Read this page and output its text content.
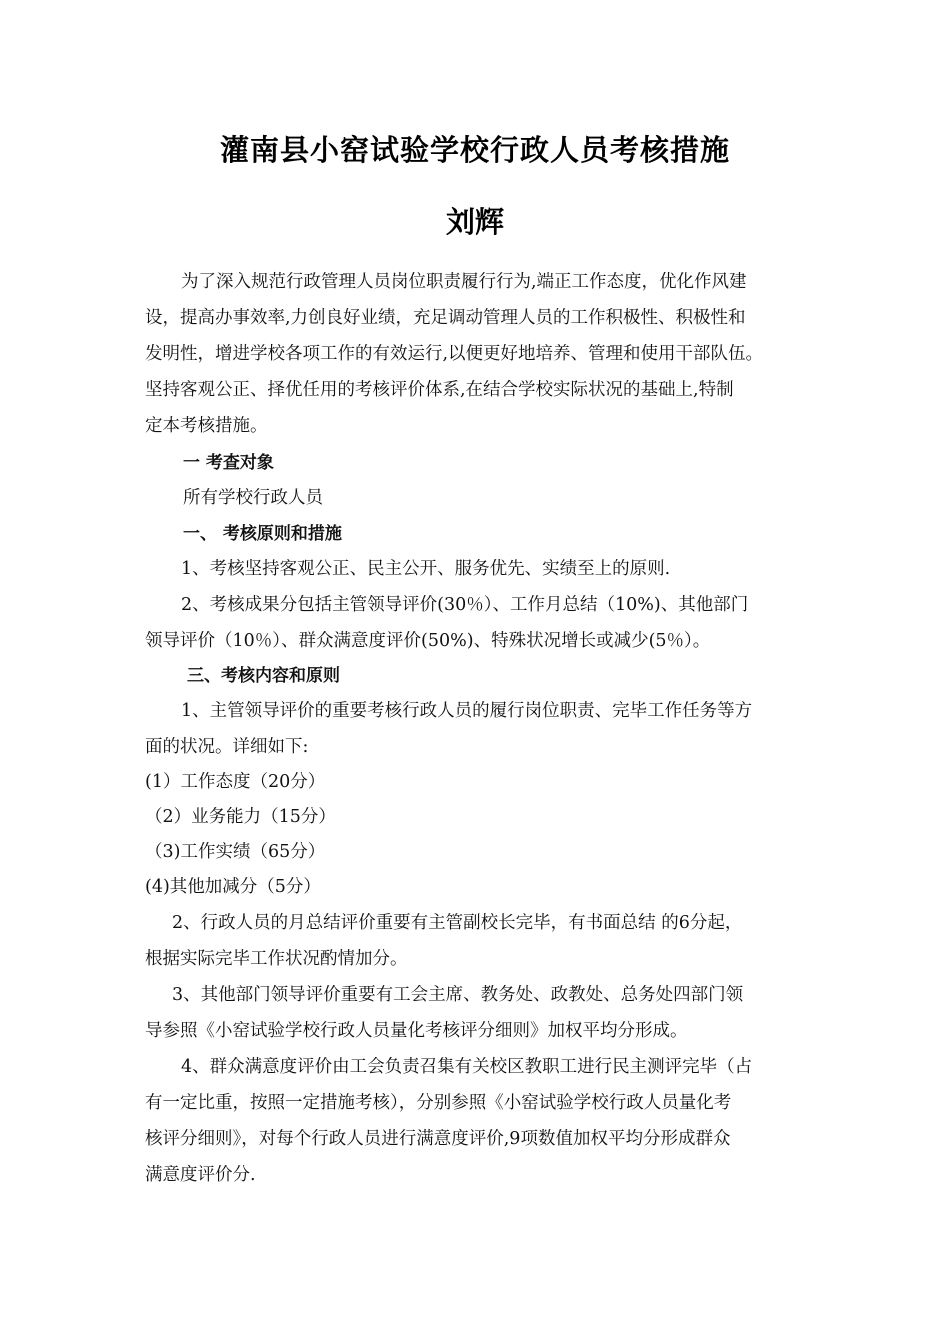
灌南县小窑试验学校行政人员考核措施
刘辉
为了深入规范行政管理人员岗位职责履行行为,端正工作态度，优化作风建
设，提高办事效率,力创良好业绩，充足调动管理人员的工作积极性、积极性和
发明性，增进学校各项工作的有效运行,以便更好地培养、管理和使用干部队伍。
坚持客观公正、择优任用的考核评价体系,在结合学校实际状况的基础上,特制
定本考核措施。
一 考查对象
所有学校行政人员
一、 考核原则和措施
1、考核坚持客观公正、民主公开、服务优先、实绩至上的原则.
2、考核成果分包括主管领导评价(30％）、工作月总结（10%)、其他部门
领导评价（10％）、群众满意度评价(50%)、特殊状况增长或减少(5％）。
三、考核内容和原则
1、主管领导评价的重要考核行政人员的履行岗位职责、完毕工作任务等方
面的状况。详细如下:
(1）工作态度（20分）
（2）业务能力（15分）
（3)工作实绩（65分）
(4)其他加减分（5分）
2、行政人员的月总结评价重要有主管副校长完毕，有书面总结 的6分起，
根据实际完毕工作状况酌情加分。
3、其他部门领导评价重要有工会主席、教务处、政教处、总务处四部门领
导参照《小窑试验学校行政人员量化考核评分细则》加权平均分形成。
4、群众满意度评价由工会负责召集有关校区教职工进行民主测评完毕（占
有一定比重，按照一定措施考核），分别参照《小窑试验学校行政人员量化考
核评分细则》，对每个行政人员进行满意度评价,9项数值加权平均分形成群众
满意度评价分.
